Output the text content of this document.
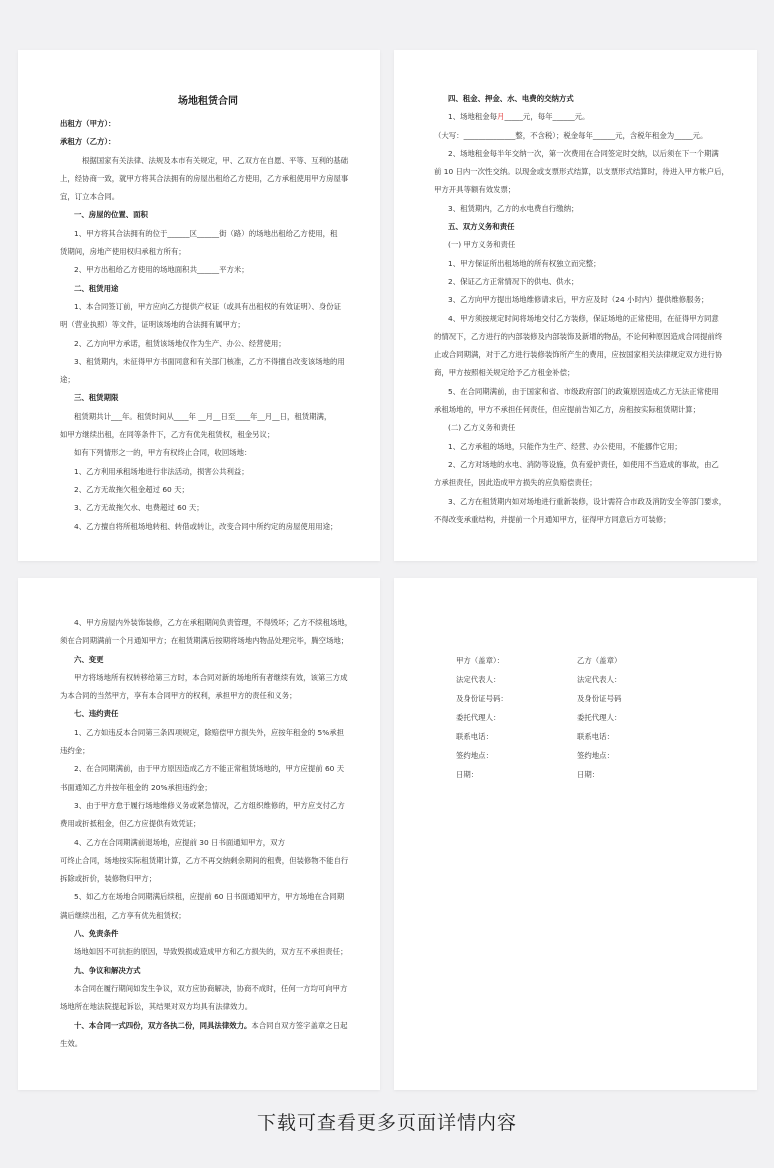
场地租赁合同
出租方（甲方）：
承租方（乙方）：
根据国家有关法律、法规及本市有关规定，甲、乙双方在自愿、平等、互利的基础
上，经协商一致，就甲方将其合法拥有的房屋出租给乙方使用，乙方承租使用甲方房屋事
宜，订立本合同。
一、房屋的位置、面积
1、甲方将其合法拥有的位于______区______街（路）的场地出租给乙方使用，租
赁期间，房地产使用权归承租方所有；
2、甲方出租给乙方使用的场地面积共______平方米；
二、租赁用途
1、本合同签订前，甲方应向乙方提供产权证（或具有出租权的有效证明）、身份证
明（营业执照）等文件，证明该场地的合法拥有属甲方；
2、乙方向甲方承诺，租赁该场地仅作为生产、办公、经营使用；
3、租赁期内，未征得甲方书面同意和有关部门核准，乙方不得擅自改变该场地的用
途；
三、租赁期限
租赁期共计___年。租赁时间从____年 __月__日至____年__月__日，租赁期满，
如甲方继续出租，在同等条件下，乙方有优先租赁权，租金另议；
如有下列情形之一的，甲方有权终止合同，收回场地：
1、乙方利用承租场地进行非法活动，损害公共利益；
2、乙方无故拖欠租金超过 60 天；
3、乙方无故拖欠水、电费超过 60 天；
4、乙方擅自将所租场地转租、转借或转让，改变合同中所约定的房屋使用用途；
四、租金、押金、水、电费的交纳方式
1、场地租金每月_____元，每年______元。
（大写：______________整，不含税）；税金每年______元，含税年租金为_____元。
2、场地租金每半年交纳一次，第一次费用在合同签定时交纳，以后须在下一个期满
前 10 日内一次性交纳。以现金或支票形式结算，以支票形式结算时，待进入甲方帐户后，
甲方开具等额有效发票；
3、租赁期内，乙方的水电费自行缴纳；
五、双方义务和责任
(一) 甲方义务和责任
1、甲方保证所出租场地的所有权独立而完整；
2、保证乙方正常情况下的供电、供水；
3、乙方向甲方提出场地维修请求后，甲方应及时（24 小时内）提供维修服务；
4、甲方须按规定时间将场地交付乙方装修，保证场地的正常使用，在征得甲方同意
的情况下，乙方进行的内部装修及内部装饰及新增的物品，不论何种原因造成合同提前终
止或合同期满，对于乙方进行装修装饰所产生的费用，应按国家相关法律规定双方进行协
商，甲方按照相关规定给予乙方租金补偿；
5、在合同期满前，由于国家和省、市级政府部门的政策原因造成乙方无法正常使用
承租场地的，甲方不承担任何责任，但应提前告知乙方，房租按实际租赁期计算；
(二) 乙方义务和责任
1、乙方承租的场地，只能作为生产、经营、办公使用，不能挪作它用；
2、乙方对场地的水电、消防等设施，负有爱护责任，如使用不当造成的事故，由乙
方承担责任，因此造成甲方损失的应负赔偿责任；
3、乙方在租赁期内如对场地进行重新装修，设计需符合市政及消防安全等部门要求，
不得改变承重结构，并提前一个月通知甲方，征得甲方同意后方可装修；
4、甲方房屋内外装饰装修，乙方在承租期间负责管理，不得毁坏；乙方不续租场地，
须在合同期满前一个月通知甲方；在租赁期满后按期将场地内物品处理完毕，腾空场地；
六、变更
甲方将场地所有权转移给第三方时，本合同对新的场地所有者继续有效，该第三方成
为本合同的当然甲方，享有本合同甲方的权利，承担甲方的责任和义务；
七、违约责任
1、乙方如违反本合同第三条四项规定，除赔偿甲方损失外，应按年租金的 5%承担
违约金；
2、在合同期满前，由于甲方原因造成乙方不能正常租赁场地的，甲方应提前 60 天
书面通知乙方并按年租金的 20%承担违约金；
3、由于甲方怠于履行场地维修义务或紧急情况，乙方组织维修的，甲方应支付乙方
费用或折抵租金，但乙方应提供有效凭证；
4、乙方在合同期满前退场地，应提前 30 日书面通知甲方，双方
可终止合同，场地按实际租赁期计算，乙方不再交纳剩余期间的租费，但装修物不能自行
拆除或折价，装修物归甲方；
5、如乙方在场地合同期满后续租，应提前 60 日书面通知甲方，甲方场地在合同期
满后继续出租，乙方享有优先租赁权；
八、免责条件
场地如因不可抗拒的原因，导致毁损或造成甲方和乙方损失的，双方互不承担责任；
九、争议和解决方式
本合同在履行期间如发生争议，双方应协商解决，协商不成时，任何一方均可向甲方
场地所在地法院提起诉讼，其结果对双方均具有法律效力。
十、本合同一式四份，双方各执二份，同具法律效力。本合同自双方签字盖章之日起
生效。
甲方（盖章）：	乙方（盖章）
法定代表人：	法定代表人：
及身份证号码：	及身份证号码
委托代理人：	委托代理人：
联系电话：	联系电话：
签约地点：	签约地点：
日期：	日期：
下载可查看更多页面详情内容
